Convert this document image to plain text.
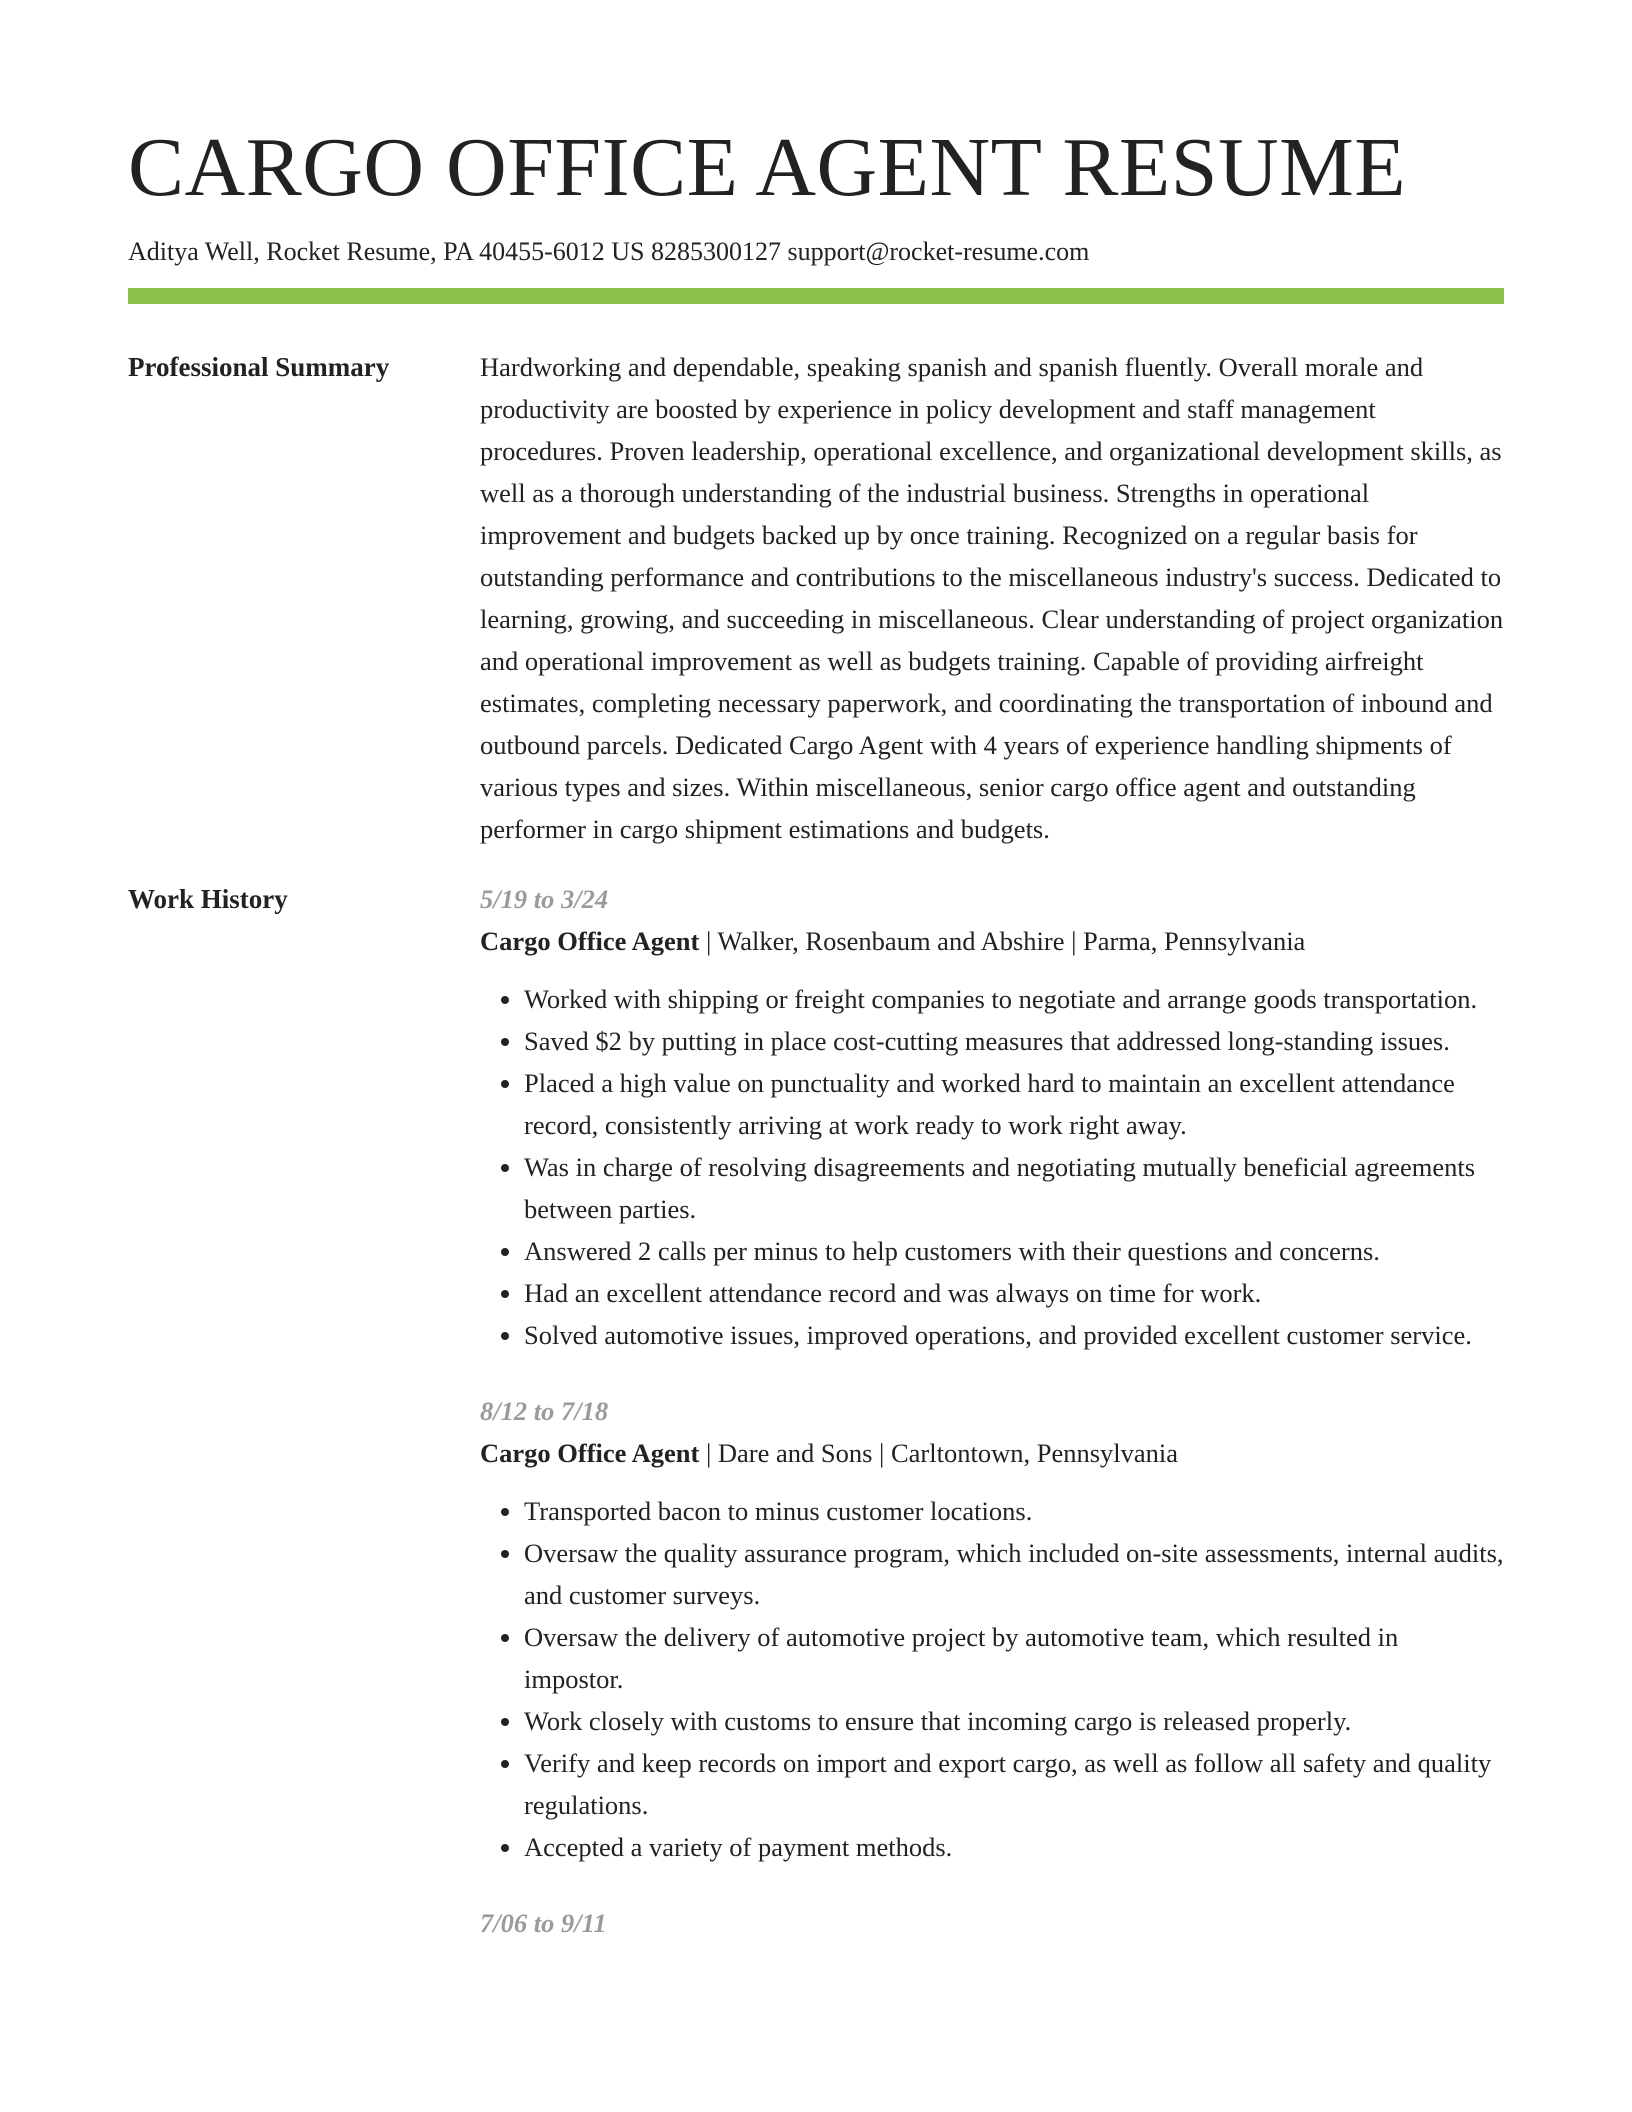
CARGO OFFICE AGENT RESUME
Aditya Well, Rocket Resume, PA 40455-6012 US 8285300127 support@rocket-resume.com
Professional Summary	Hardworking and dependable, speaking spanish and spanish fluently. Overall morale and productivity are boosted by experience in policy development and staff management procedures. Proven leadership, operational excellence, and organizational development skills, as well as a thorough understanding of the industrial business. Strengths in operational improvement and budgets backed up by once training. Recognized on a regular basis for outstanding performance and contributions to the miscellaneous industry's success. Dedicated to learning, growing, and succeeding in miscellaneous. Clear understanding of project organization and operational improvement as well as budgets training. Capable of providing airfreight estimates, completing necessary paperwork, and coordinating the transportation of inbound and outbound parcels. Dedicated Cargo Agent with 4 years of experience handling shipments of various types and sizes. Within miscellaneous, senior cargo office agent and outstanding performer in cargo shipment estimations and budgets.

Work History	5/19 to 3/24
Cargo Office Agent | Walker, Rosenbaum and Abshire | Parma, Pennsylvania
• Worked with shipping or freight companies to negotiate and arrange goods transportation.
• Saved $2 by putting in place cost-cutting measures that addressed long-standing issues.
• Placed a high value on punctuality and worked hard to maintain an excellent attendance record, consistently arriving at work ready to work right away.
• Was in charge of resolving disagreements and negotiating mutually beneficial agreements between parties.
• Answered 2 calls per minus to help customers with their questions and concerns.
• Had an excellent attendance record and was always on time for work.
• Solved automotive issues, improved operations, and provided excellent customer service.
8/12 to 7/18
Cargo Office Agent | Dare and Sons | Carltontown, Pennsylvania
• Transported bacon to minus customer locations.
• Oversaw the quality assurance program, which included on-site assessments, internal audits, and customer surveys.
• Oversaw the delivery of automotive project by automotive team, which resulted in impostor.
• Work closely with customs to ensure that incoming cargo is released properly.
• Verify and keep records on import and export cargo, as well as follow all safety and quality regulations.
• Accepted a variety of payment methods.
7/06 to 9/11
